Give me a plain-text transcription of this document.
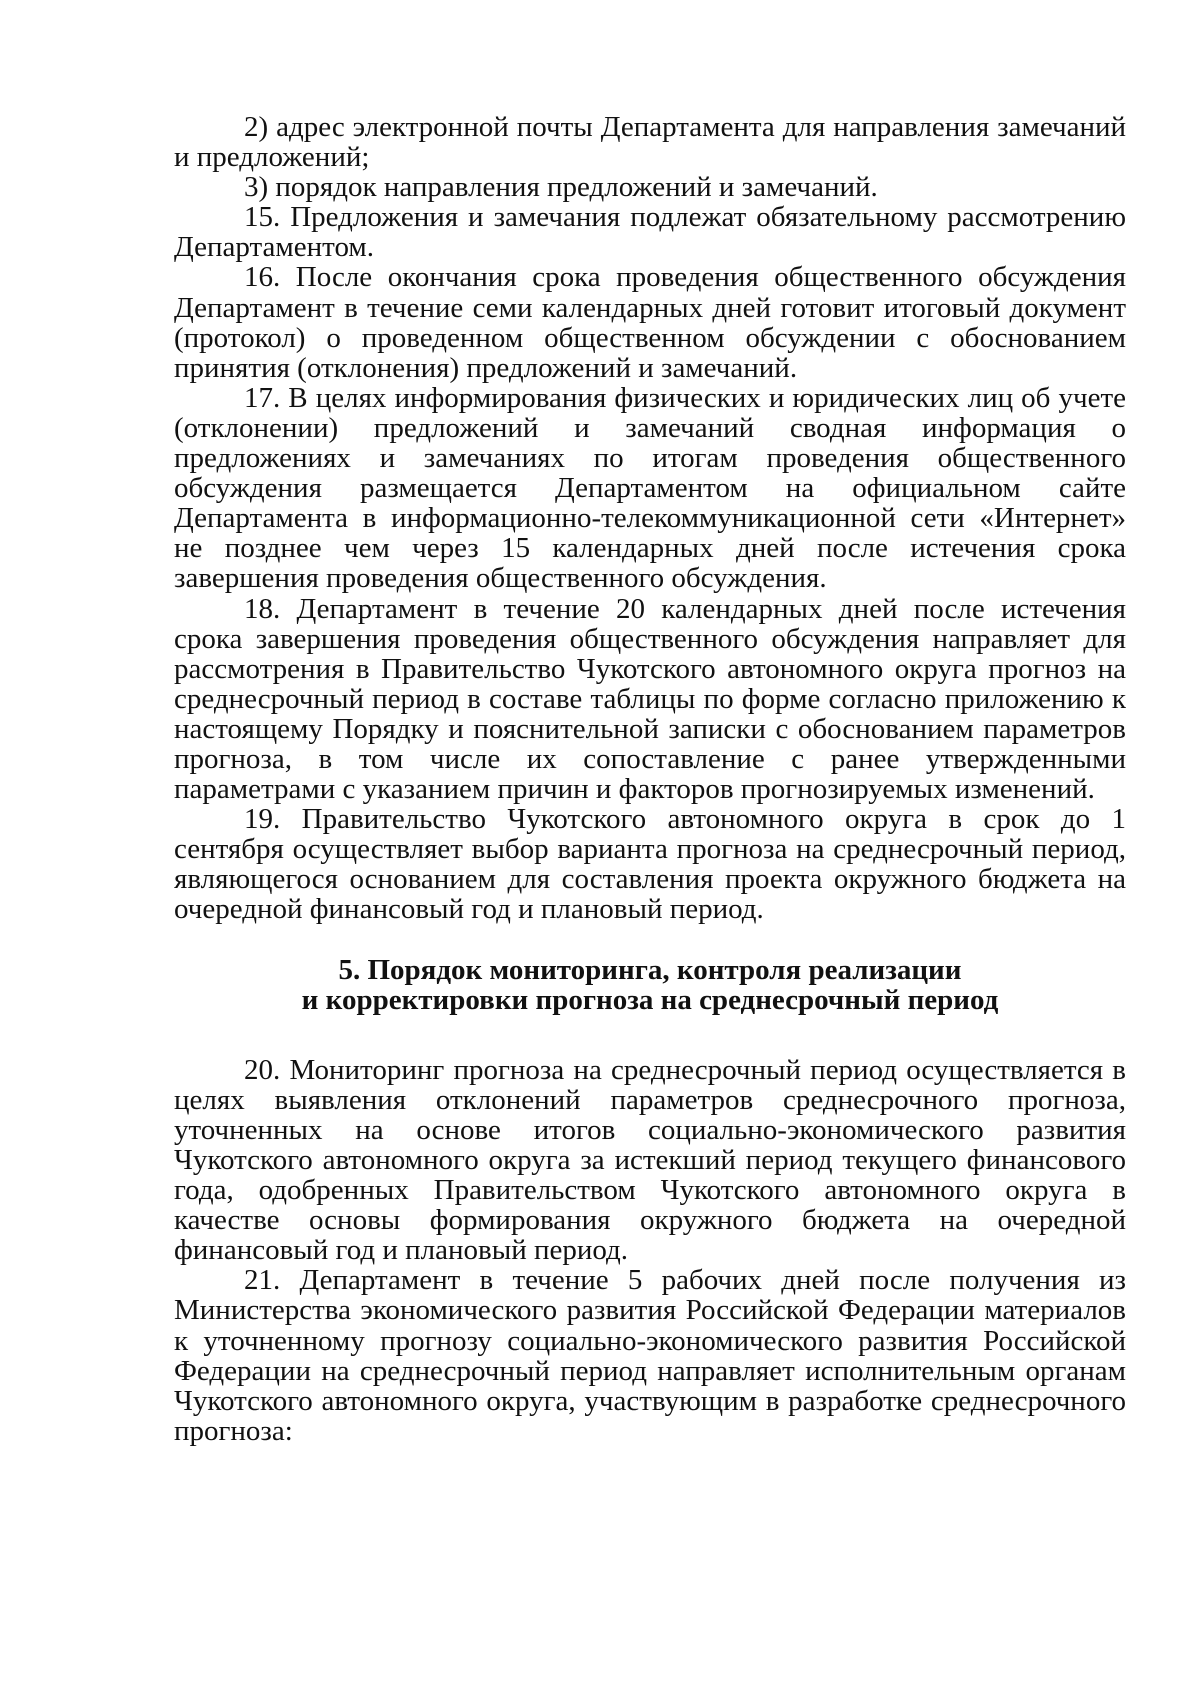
2) адрес электронной почты Департамента для направления замечаний и предложений;

3) порядок направления предложений и замечаний.

15. Предложения и замечания подлежат обязательному рассмотрению Департаментом.

16. После окончания срока проведения общественного обсуждения Департамент в течение семи календарных дней готовит итоговый документ (протокол) о проведенном общественном обсуждении с обоснованием принятия (отклонения) предложений и замечаний.

17. В целях информирования физических и юридических лиц об учете (отклонении) предложений и замечаний сводная информация о предложениях и замечаниях по итогам проведения общественного обсуждения размещается Департаментом на официальном сайте Департамента в информационно-телекоммуникационной сети «Интернет» не позднее чем через 15 календарных дней после истечения срока завершения проведения общественного обсуждения.

18. Департамент в течение 20 календарных дней после истечения срока завершения проведения общественного обсуждения направляет для рассмотрения в Правительство Чукотского автономного округа прогноз на среднесрочный период в составе таблицы по форме согласно приложению к настоящему Порядку и пояснительной записки с обоснованием параметров прогноза, в том числе их сопоставление с ранее утвержденными параметрами с указанием причин и факторов прогнозируемых изменений.

19. Правительство Чукотского автономного округа в срок до 1 сентября осуществляет выбор варианта прогноза на среднесрочный период, являющегося основанием для составления проекта окружного бюджета на очередной финансовый год и плановый период.

5. Порядок мониторинга, контроля реализации

и корректировки прогноза на среднесрочный период

20. Мониторинг прогноза на среднесрочный период осуществляется в целях выявления отклонений параметров среднесрочного прогноза, уточненных на основе итогов социально-экономического развития Чукотского автономного округа за истекший период текущего финансового года, одобренных Правительством Чукотского автономного округа в качестве основы формирования окружного бюджета на очередной финансовый год и плановый период.

21. Департамент в течение 5 рабочих дней после получения из Министерства экономического развития Российской Федерации материалов к уточненному прогнозу социально-экономического развития Российской Федерации на среднесрочный период направляет исполнительным органам Чукотского автономного округа, участвующим в разработке среднесрочного прогноза:
